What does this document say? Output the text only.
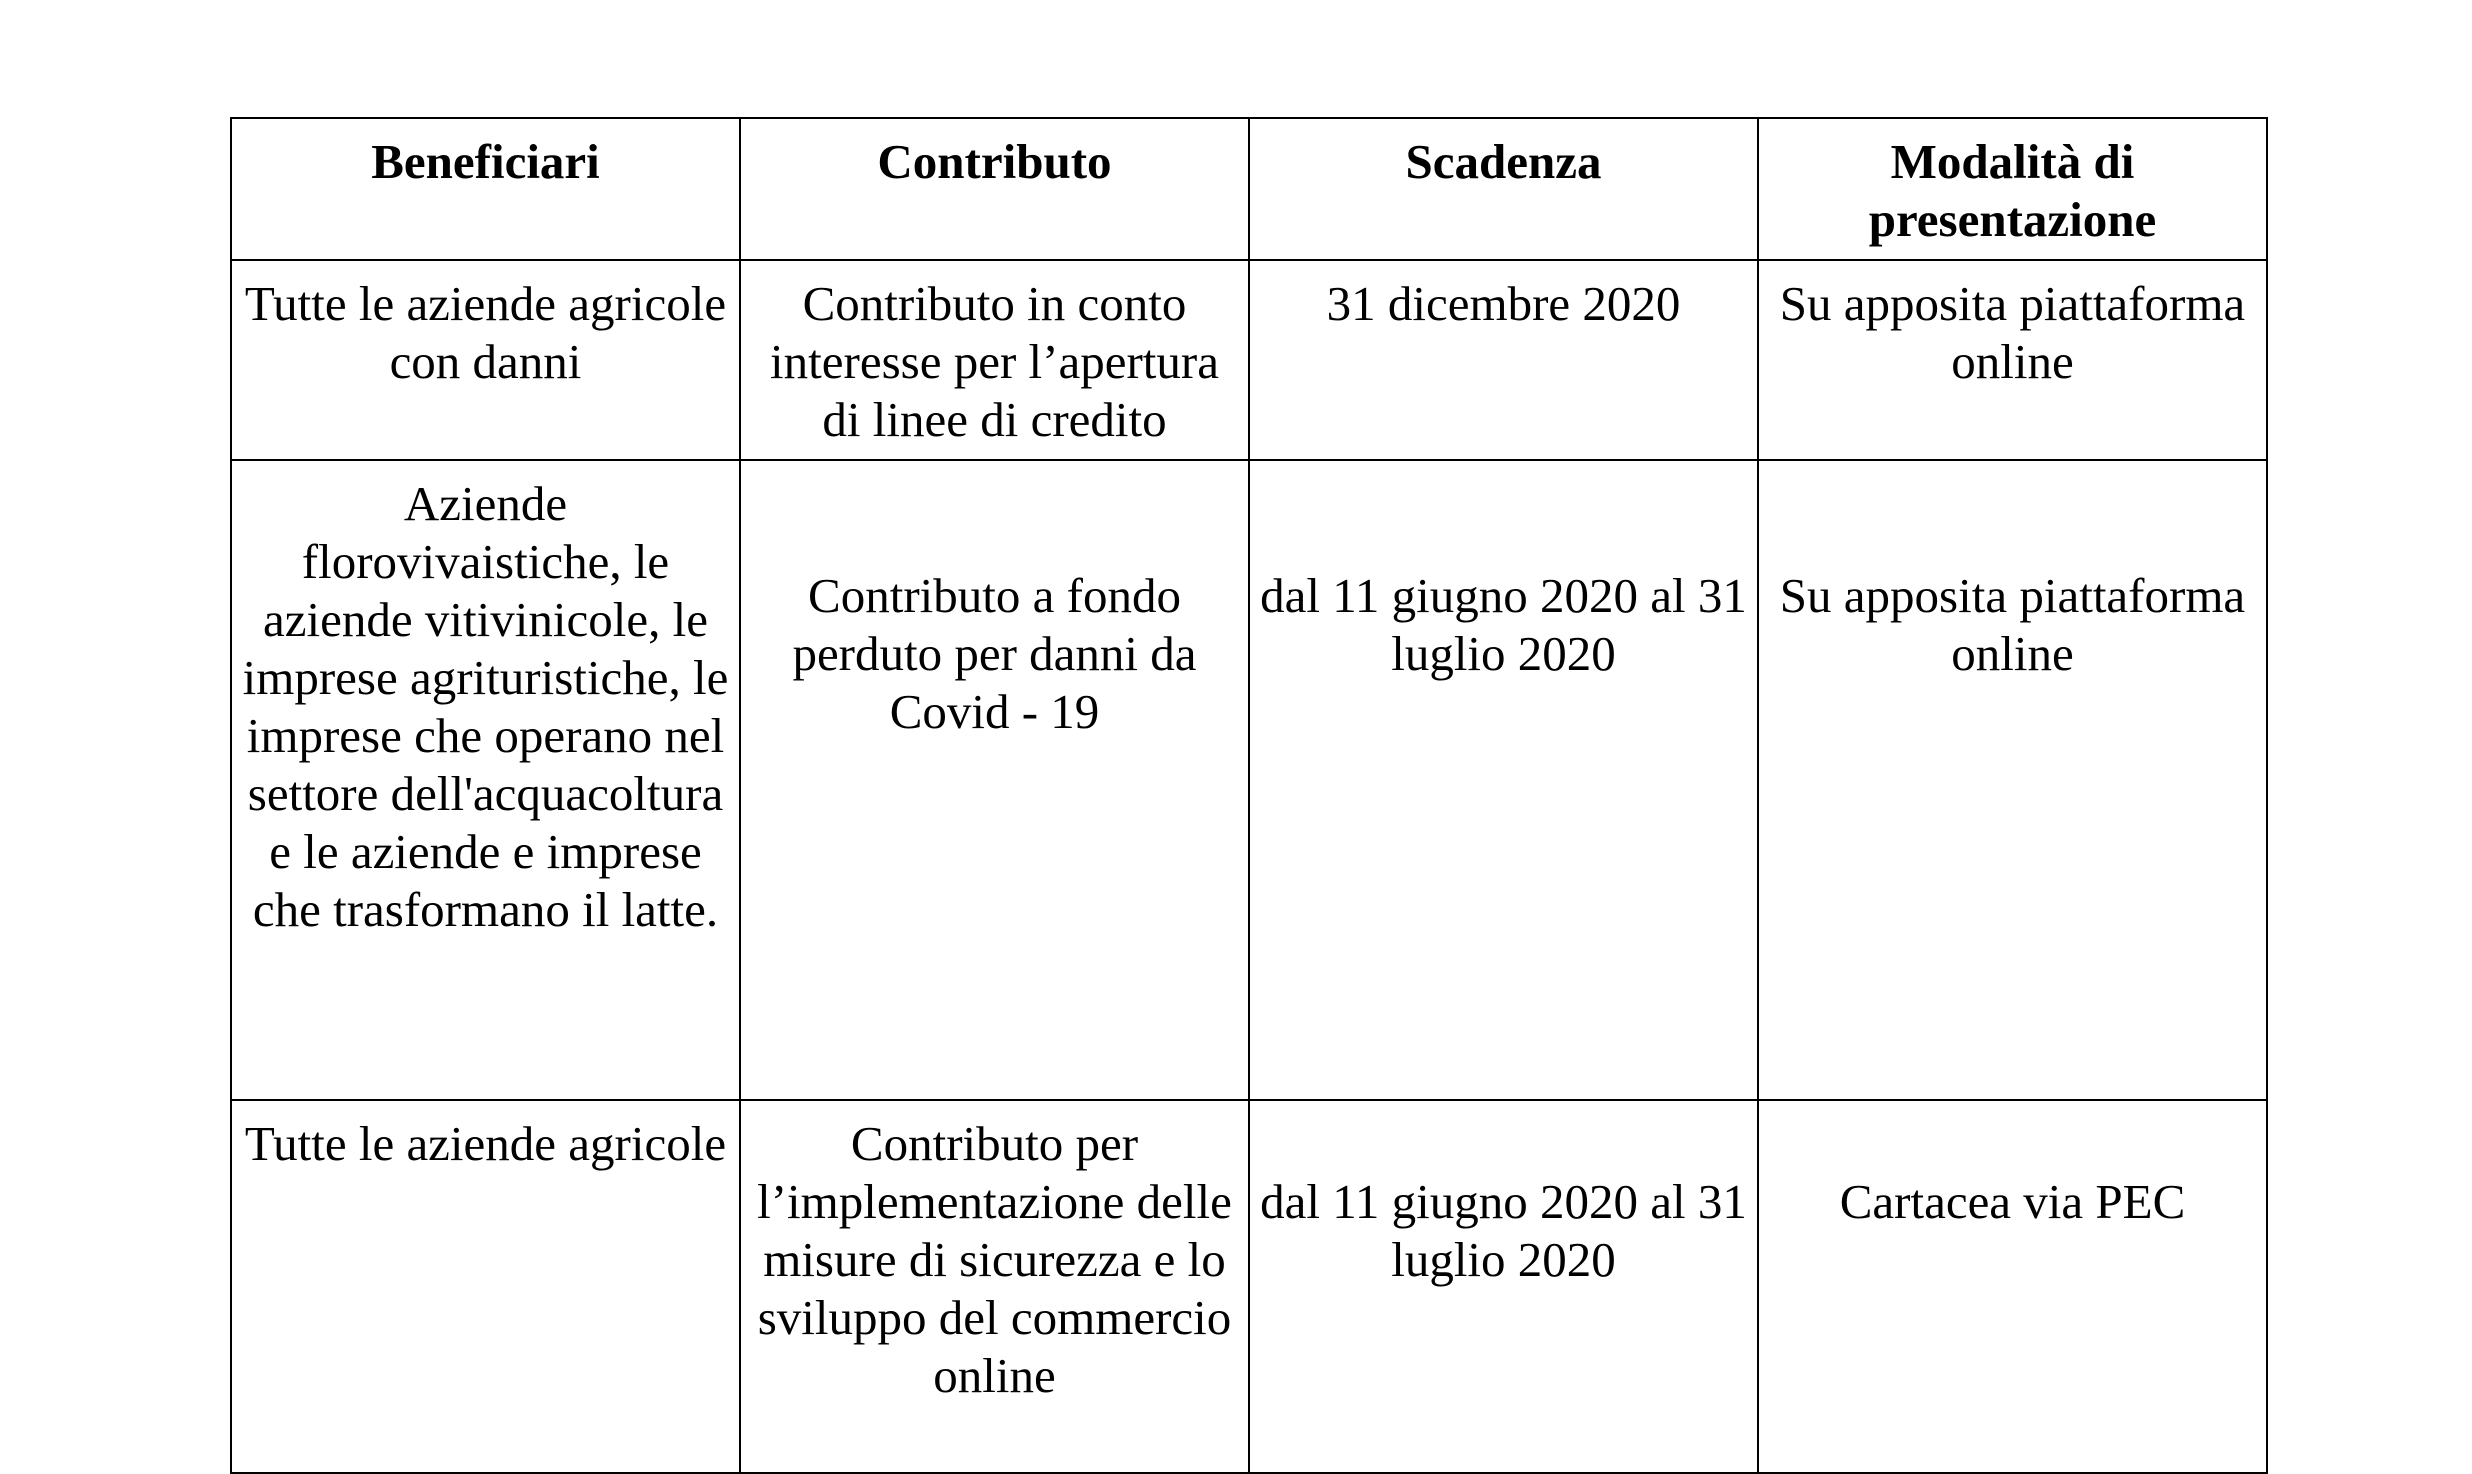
Beneficiari	Contributo	Scadenza	Modalità di presentazione

Tutte le aziende agricole con danni	Contributo in conto interesse per l’apertura di linee di credito	31 dicembre 2020	Su apposita piattaforma online

Aziende florovivaistiche, le aziende vitivinicole, le imprese agrituristiche, le imprese che operano nel settore dell'acquacoltura e le aziende e imprese che trasformano il latte.	Contributo a fondo perduto per danni da Covid - 19	dal 11 giugno 2020 al 31 luglio 2020	Su apposita piattaforma online

Tutte le aziende agricole	Contributo per l’implementazione delle misure di sicurezza e lo sviluppo del commercio online	dal 11 giugno 2020 al 31 luglio 2020	Cartacea via PEC
